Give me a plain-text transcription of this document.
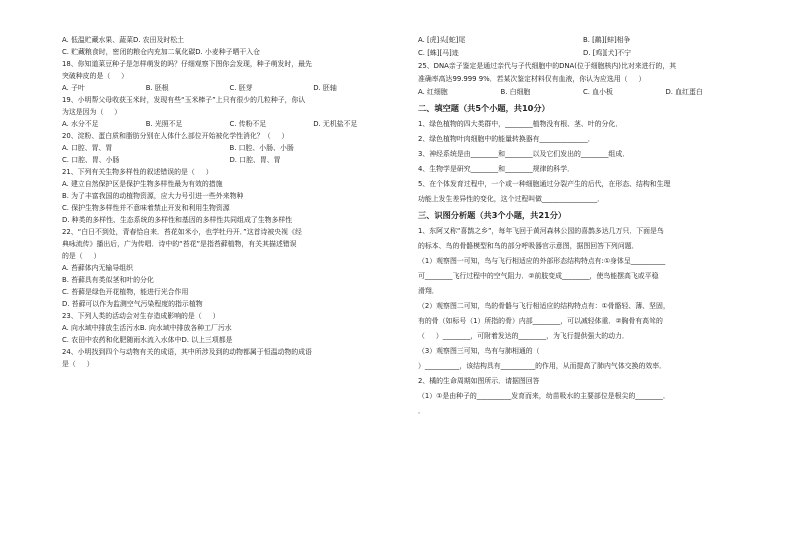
A. 低温贮藏水果、蔬菜D. 农田及时松土
C. 贮藏粮食时，密闭的粮仓内充加二氧化碳D. 小麦种子晒干入仓
18、你知道菜豆种子是怎样萌发的吗？仔细观察下图你会发现，种子萌发时，最先
突破种皮的是（     ）
A. 子叶	B. 胚根	C. 胚芽	D. 胚轴
19、小明帮父母收获玉米时，发现有些“玉米棒子”上只有很少的几粒种子，你认
为这是因为（     ）
A. 水分不足	B. 光照不足	C. 传粉不足	D. 无机盐不足
20、淀粉、蛋白质和脂肪分别在人体什么部位开始被化学性消化？（     ）
A. 口腔、胃、胃	B. 口腔、小肠、小肠
C. 口腔、胃、小肠	D. 口腔、胃、胃
21、下列有关生物多样性的叙述错误的是（     ）
A. 建立自然保护区是保护生物多样性最为有效的措施
B. 为了丰富我国的动植物资源，应大力号引进一些外来物种
C. 保护生物多样性并不意味着禁止开发和利用生物资源
D. 种类的多样性、生态系统的多样性和基因的多样性共同组成了生物多样性
22、“白日不到处，青春恰自来．苔花如米小，也学牡丹开．”这首诗被央视《经
典咏流传》播出后，广为传唱．诗中的“苔花”是指苔藓植物，有关其描述错误
的是（     ）
A. 苔藓体内无输导组织
B. 苔藓具有类似茎和叶的分化
C. 苔藓是绿色开花植物，能进行光合作用
D. 苔藓可以作为监测空气污染程度的指示植物
23、下列人类的活动会对生存造成影响的是（     ）
A. 向水域中排放生活污水B. 向水域中排放各种工厂污水
C. 农田中农药和化肥随雨水流入水体中D. 以上三项都是
24、小明找到四个与动物有关的成语，其中所涉及到的动物都属于恒温动物的成语
是（     ）
A. [虎]头[蛇]尾	B. [鹬][蚌]相争
C. [蛛][马]迹	D. [鸡][犬]不宁
25、DNA亲子鉴定是通过亲代与子代细胞中的DNA(位于细胞核内)比对来进行的，其
准确率高达99.999 9%．若某次鉴定材料仅有血液，你认为应选用（     ）
A. 红细胞	B. 白细胞	C. 血小板	D. 血红蛋白
二、填空题（共5个小题，共10分）
1、绿色植物的四大类群中，________植物没有根、茎、叶的分化．
2、绿色植物叶肉细胞中的能量转换器有______________．
3、神经系统是由________和________以及它们发出的________组成．
4、生物学是研究________和________规律的科学．
5、在个体发育过程中，一个或一种细胞通过分裂产生的后代，在形态、结构和生理
功能上发生差异性的变化，这个过程叫做________________．
三、识图分析题（共3个小题，共21分）
1、东阿又称“喜鹊之乡”，每年飞回于黄河森林公园的喜鹊多达几万只．下面是鸟
的标本、鸟的骨骼模型和鸟的部分呼吸器官示意图，据图回答下列问题．
（1）观察图一可知，鸟与飞行相适应的外部形态结构特点有:①身体呈__________
可________飞行过程中的空气阻力．②前肢变成________，使鸟能摆高飞或平稳
滑翔．
（2）观察图二可知，鸟的骨骼与飞行相适应的结构特点有：①骨骼轻、薄、坚固，
有的骨（如标号（1）所指的骨）内部________，可以减轻体重．②胸骨有高耸的
（     ）________，可附着发达的________，为飞行提供强大的动力．
（3）观察图三可知，鸟有与肺相通的（
）__________，该结构具有__________的作用，从而提高了肺内气体交换的效率．
2、橘的生命周期如图所示．请据图回答
（1）①是由种子的__________发育而来，幼苗吸水的主要部位是根尖的________．
．
